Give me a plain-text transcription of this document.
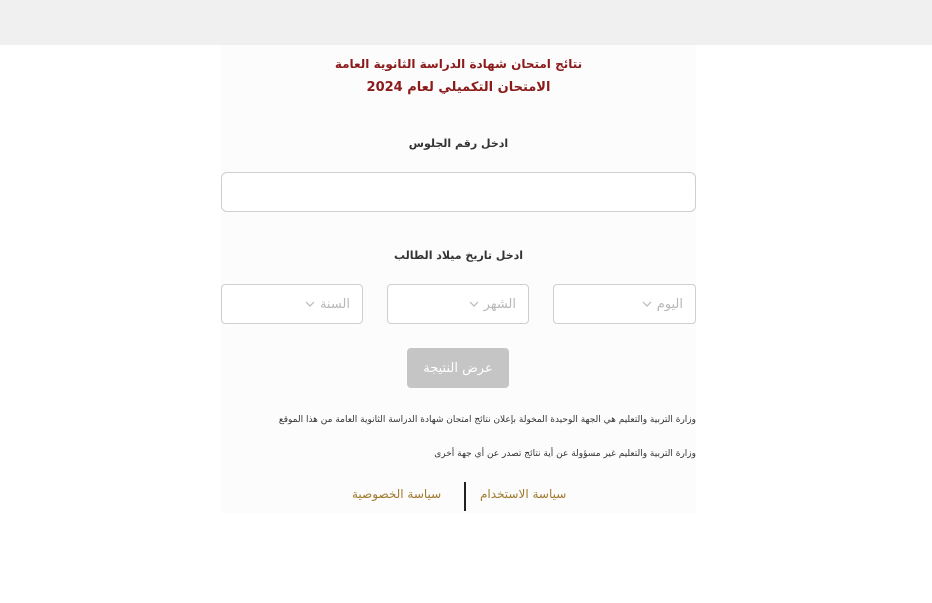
نتائج امتحان شهادة الدراسة الثانوية العامة
الامتحان التكميلي لعام 2024
ادخل رقم الجلوس
ادخل تاريخ ميلاد الطالب
اليوم
الشهر
السنة
عرض النتيجة
وزارة التربية والتعليم هي الجهة الوحيدة المخولة بإعلان نتائج امتحان شهادة الدراسة الثانوية العامة من هذا الموقع
وزارة التربية والتعليم غير مسؤولة عن أية نتائج تصدر عن أي جهة أخرى
سياسة الاستخدام
سياسة الخصوصية
